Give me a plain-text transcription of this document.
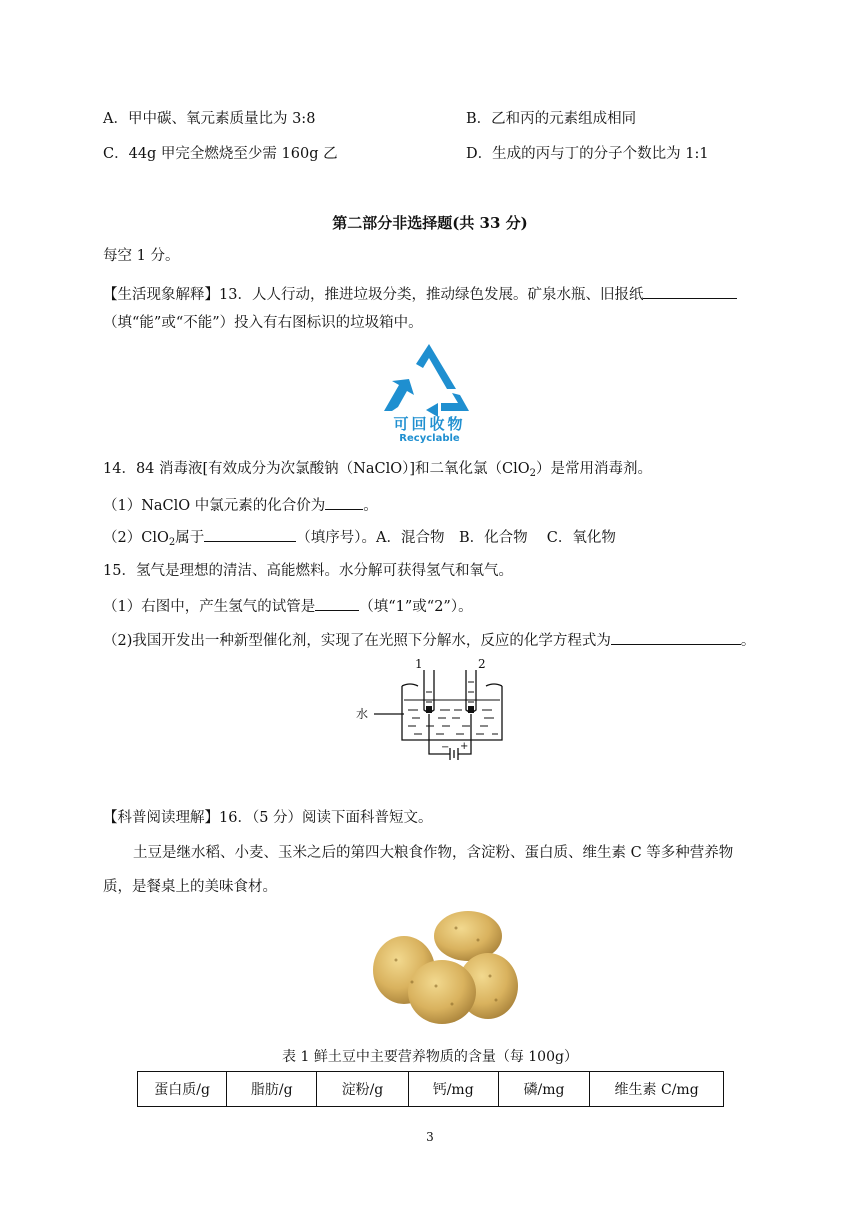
A．甲中碳、氧元素质量比为 3:8	B．乙和丙的元素组成相同
C．44g 甲完全燃烧至少需 160g 乙	D．生成的丙与丁的分子个数比为 1:1
第二部分非选择题(共 33 分)
每空 1 分。
【生活现象解释】13．人人行动，推进垃圾分类，推动绿色发展。矿泉水瓶、旧报纸
（填“能”或“不能”）投入有右图标识的垃圾箱中。
可回收物
Recyclable
14．84 消毒液[有效成分为次氯酸钠（NaClO）]和二氧化氯（ClO$_2$）是常用消毒剂。
（1）NaClO 中氯元素的化合价为	。
（2）ClO$_2$属于	（填序号）。A．混合物　B．化合物　 C．氧化物
15．氢气是理想的清洁、高能燃料。水分解可获得氢气和氧气。
（1）右图中，产生氢气的试管是	（填“1”或“2”）。
（2)我国开发出一种新型催化剂，实现了在光照下分解水，反应的化学方程式为	。
水
1	2
− +
【科普阅读理解】16．（5 分）阅读下面科普短文。
土豆是继水稻、小麦、玉米之后的第四大粮食作物，含淀粉、蛋白质、维生素 C 等多种营养物
质，是餐桌上的美味食材。
表 1 鲜土豆中主要营养物质的含量（每 100g）
蛋白质/g	脂肪/g	淀粉/g	钙/mg	磷/mg	维生素 C/mg
3
